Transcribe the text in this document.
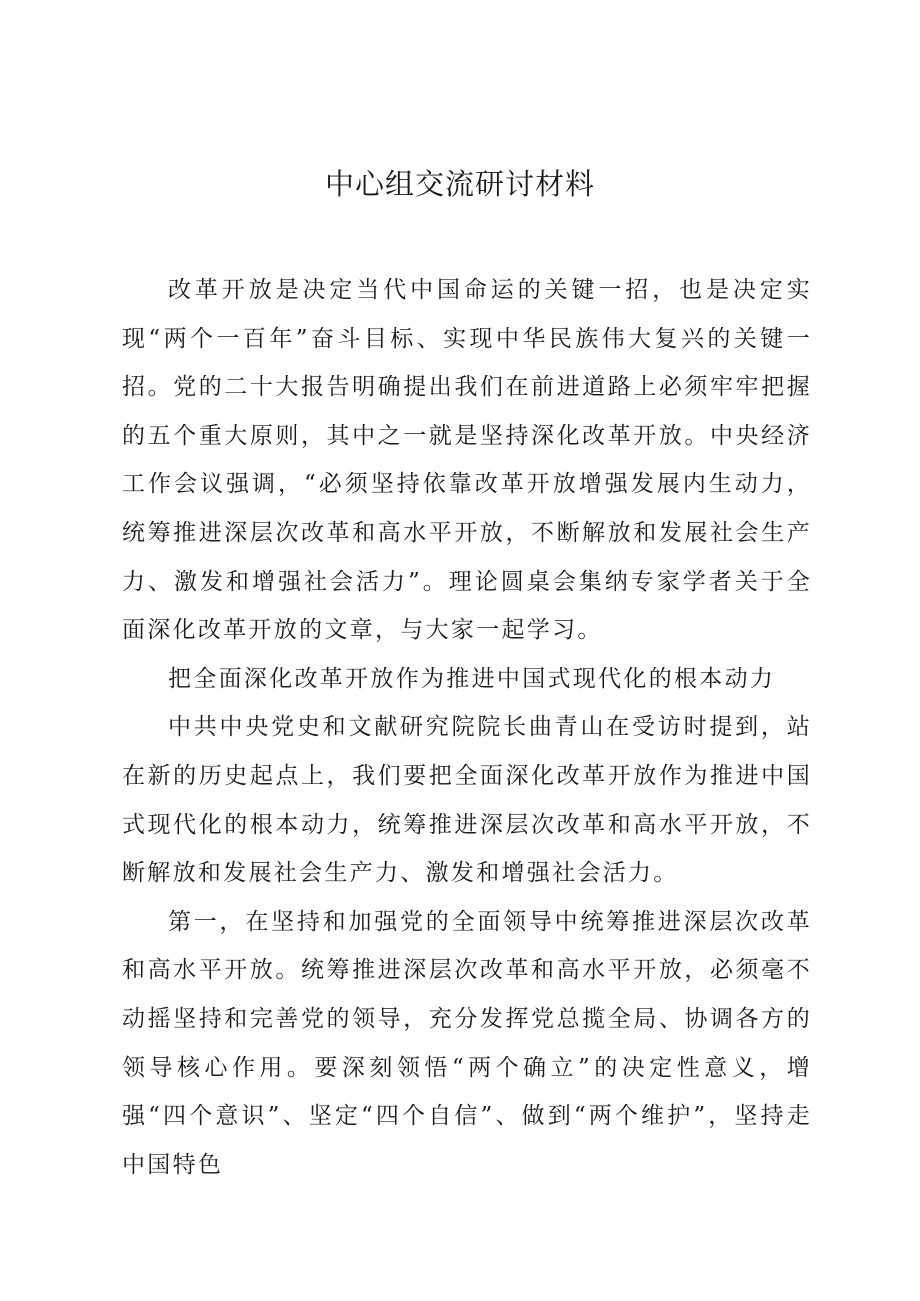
中心组交流研讨材料

改革开放是决定当代中国命运的关键一招，也是决定实现“两个一百年”奋斗目标、实现中华民族伟大复兴的关键一招。党的二十大报告明确提出我们在前进道路上必须牢牢把握的五个重大原则，其中之一就是坚持深化改革开放。中央经济工作会议强调，“必须坚持依靠改革开放增强发展内生动力，统筹推进深层次改革和高水平开放，不断解放和发展社会生产力、激发和增强社会活力”。理论圆桌会集纳专家学者关于全面深化改革开放的文章，与大家一起学习。

把全面深化改革开放作为推进中国式现代化的根本动力

中共中央党史和文献研究院院长曲青山在受访时提到，站在新的历史起点上，我们要把全面深化改革开放作为推进中国式现代化的根本动力，统筹推进深层次改革和高水平开放，不断解放和发展社会生产力、激发和增强社会活力。

第一，在坚持和加强党的全面领导中统筹推进深层次改革和高水平开放。统筹推进深层次改革和高水平开放，必须毫不动摇坚持和完善党的领导，充分发挥党总揽全局、协调各方的领导核心作用。要深刻领悟“两个确立”的决定性意义，增强“四个意识”、坚定“四个自信”、做到“两个维护”，坚持走中国特色
